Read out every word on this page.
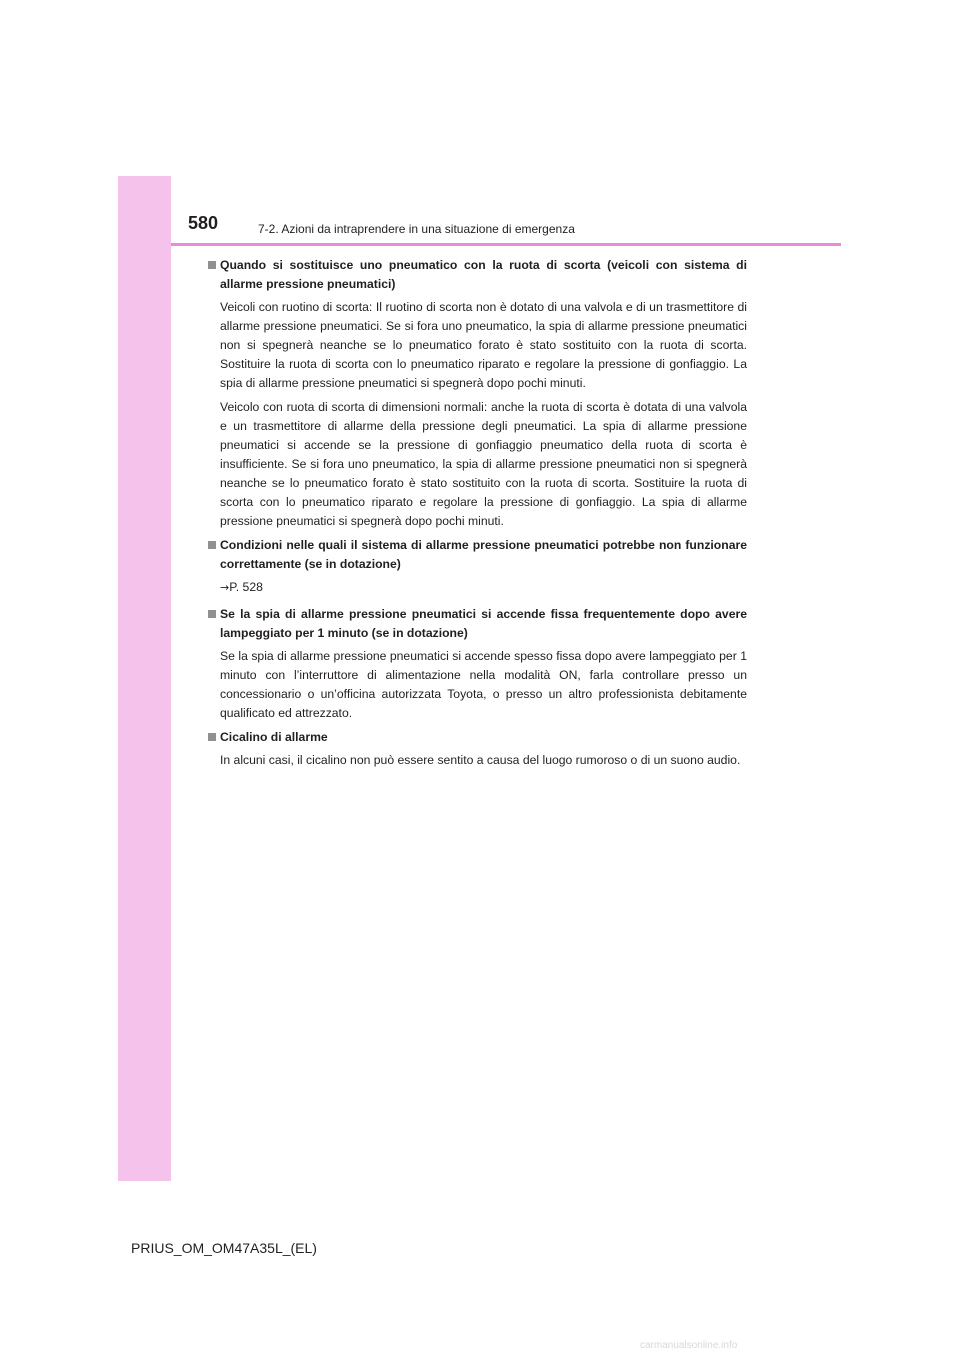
580	7-2. Azioni da intraprendere in una situazione di emergenza
Quando si sostituisce uno pneumatico con la ruota di scorta (veicoli con sistema di allarme pressione pneumatici)

Veicoli con ruotino di scorta: Il ruotino di scorta non è dotato di una valvola e di un trasmettitore di allarme pressione pneumatici. Se si fora uno pneumatico, la spia di allarme pressione pneumatici non si spegnerà neanche se lo pneumatico forato è stato sostituito con la ruota di scorta. Sostituire la ruota di scorta con lo pneumatico riparato e regolare la pressione di gonfiaggio. La spia di allarme pressione pneumatici si spegnerà dopo pochi minuti.

Veicolo con ruota di scorta di dimensioni normali: anche la ruota di scorta è dotata di una valvola e un trasmettitore di allarme della pressione degli pneumatici. La spia di allarme pressione pneumatici si accende se la pressione di gonfiaggio pneumatico della ruota di scorta è insufficiente. Se si fora uno pneumatico, la spia di allarme pressione pneumatici non si spegnerà neanche se lo pneumatico forato è stato sostituito con la ruota di scorta. Sostituire la ruota di scorta con lo pneumatico riparato e regolare la pressione di gonfiaggio. La spia di allarme pressione pneumatici si spegnerà dopo pochi minuti.

Condizioni nelle quali il sistema di allarme pressione pneumatici potrebbe non funzionare correttamente (se in dotazione)
→P. 528
Se la spia di allarme pressione pneumatici si accende fissa frequentemente dopo avere lampeggiato per 1 minuto (se in dotazione)

Se la spia di allarme pressione pneumatici si accende spesso fissa dopo avere lampeggiato per 1 minuto con l’interruttore di alimentazione nella modalità ON, farla controllare presso un concessionario o un’officina autorizzata Toyota, o presso un altro professionista debitamente qualificato ed attrezzato.

Cicalino di allarme

In alcuni casi, il cicalino non può essere sentito a causa del luogo rumoroso o di un suono audio.

PRIUS_OM_OM47A35L_(EL)
carmanualsonline.info
